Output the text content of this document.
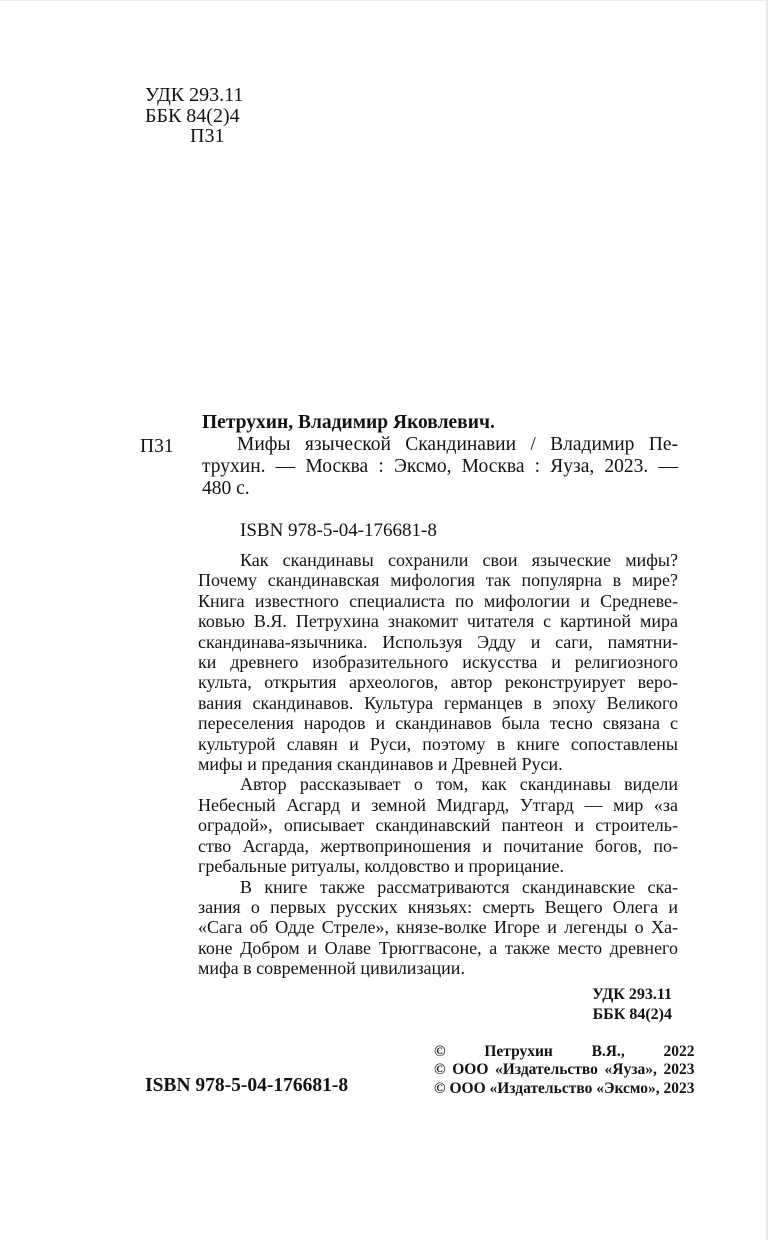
УДК 293.11
ББК 84(2)4
П31
П31
Петрухин, Владимир Яковлевич.
Мифы языческой Скандинавии / Владимир Пе-
трухин. — Москва : Эксмо, Москва : Яуза, 2023. —
480 с.
ISBN 978-5-04-176681-8
Как скандинавы сохранили свои языческие мифы?
Почему скандинавская мифология так популярна в мире?
Книга известного специалиста по мифологии и Средневе-
ковью В.Я. Петрухина знакомит читателя с картиной мира
скандинава-язычника. Используя Эдду и саги, памятни-
ки древнего изобразительного искусства и религиозного
культа, открытия археологов, автор реконструирует веро-
вания скандинавов. Культура германцев в эпоху Великого
переселения народов и скандинавов была тесно связана с
культурой славян и Руси, поэтому в книге сопоставлены
мифы и предания скандинавов и Древней Руси.
Автор рассказывает о том, как скандинавы видели
Небесный Асгард и земной Мидгард, Утгард — мир «за
оградой», описывает скандинавский пантеон и строитель-
ство Асгарда, жертвоприношения и почитание богов, по-
гребальные ритуалы, колдовство и прорицание.
В книге также рассматриваются скандинавские ска-
зания о первых русских князьях: смерть Вещего Олега и
«Сага об Одде Стреле», князе-волке Игоре и легенды о Ха-
коне Добром и Олаве Трюггвасоне, а также место древнего
мифа в современной цивилизации.
УДК 293.11
ББК 84(2)4
© Петрухин В.Я., 2022
© ООО «Издательство «Яуза», 2023
© ООО «Издательство «Эксмо», 2023
ISBN 978-5-04-176681-8
